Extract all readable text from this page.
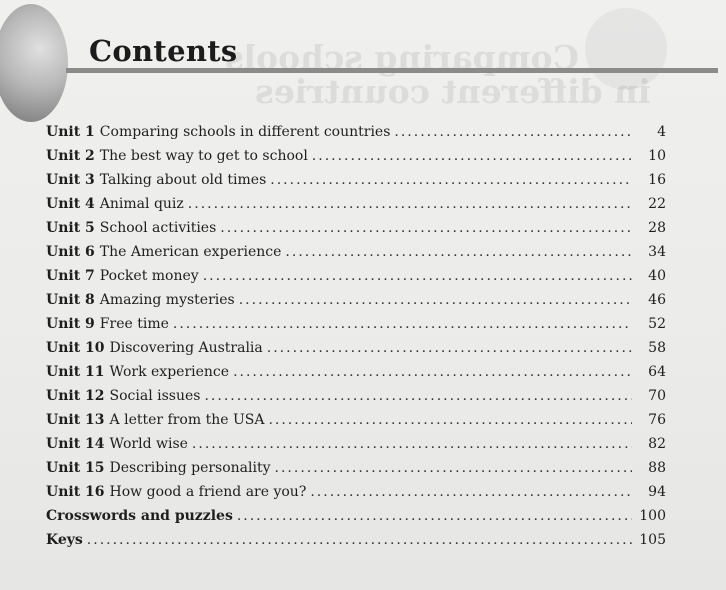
Comparing schools
in different countries
Contents
Unit 1 Comparing schools in different countries .....	4
Unit 2 The best way to get to school .....	10
Unit 3 Talking about old times .....	16
Unit 4 Animal quiz .....	22
Unit 5 School activities .....	28
Unit 6 The American experience .....	34
Unit 7 Pocket money .....	40
Unit 8 Amazing mysteries .....	46
Unit 9 Free time .....	52
Unit 10 Discovering Australia .....	58
Unit 11 Work experience .....	64
Unit 12 Social issues .....	70
Unit 13 A letter from the USA .....	76
Unit 14 World wise .....	82
Unit 15 Describing personality .....	88
Unit 16 How good a friend are you? .....	94
Crosswords and puzzles .....	100
Keys .....	105
